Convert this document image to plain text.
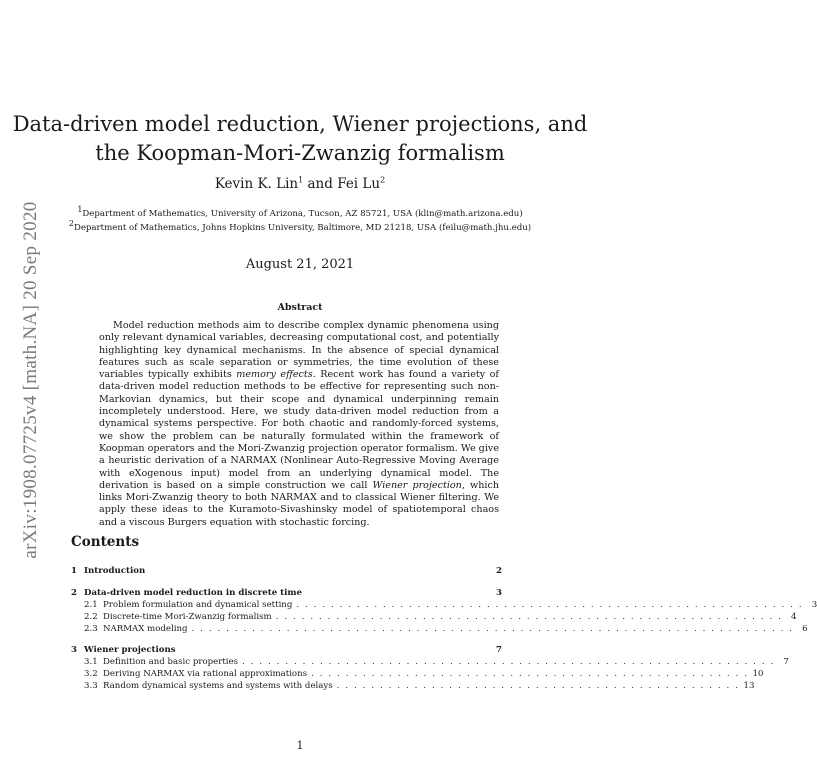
arXiv:1908.07725v4 [math.NA] 20 Sep 2020
Data-driven model reduction, Wiener projections, and
the Koopman-Mori-Zwanzig formalism
Kevin K. Lin$^1$ and Fei Lu$^2$
$^1$Department of Mathematics, University of Arizona, Tucson, AZ 85721, USA (klin@math.arizona.edu)
$^2$Department of Mathematics, Johns Hopkins University, Baltimore, MD 21218, USA (feilu@math.jhu.edu)
August 21, 2021
Abstract

Model reduction methods aim to describe complex dynamic phenomena using only relevant dynamical variables, decreasing computational cost, and potentially highlighting key dynamical mechanisms. In the absence of special dynamical features such as scale separation or symmetries, the time evolution of these variables typically exhibits memory effects. Recent work has found a variety of data-driven model reduction methods to be effective for representing such non-Markovian dynamics, but their scope and dynamical underpinning remain incompletely understood. Here, we study data-driven model reduction from a dynamical systems perspective. For both chaotic and randomly-forced systems, we show the problem can be naturally formulated within the framework of Koopman operators and the Mori-Zwanzig projection operator formalism. We give a heuristic derivation of a NARMAX (Nonlinear Auto-Regressive Moving Average with eXogenous input) model from an underlying dynamical model. The derivation is based on a simple construction we call Wiener projection, which links Mori-Zwanzig theory to both NARMAX and to classical Wiener filtering. We apply these ideas to the Kuramoto-Sivashinsky model of spatiotemporal chaos and a viscous Burgers equation with stochastic forcing.

Contents
1 Introduction	2
2 Data-driven model reduction in discrete time	3
2.1 Problem formulation and dynamical setting . . . . . . . . . . . . . . . . . . . . . . . . . . . . . . . . . . . . . . . . . . . . . . . . . . . . . . . . . . . 3
2.2 Discrete-time Mori-Zwanzig formalism . . . . . . . . . . . . . . . . . . . . . . . . . . . . . . . . . . . . . . . . . . . . . . . . . . . . . . . . . . . 4
2.3 NARMAX modeling . . . . . . . . . . . . . . . . . . . . . . . . . . . . . . . . . . . . . . . . . . . . . . . . . . . . . . . . . . . . . . . . . . . . . . 6
3 Wiener projections	7
3.1 Definition and basic properties . . . . . . . . . . . . . . . . . . . . . . . . . . . . . . . . . . . . . . . . . . . . . . . . . . . . . . . . . . . . . . 7
3.2 Deriving NARMAX via rational approximations . . . . . . . . . . . . . . . . . . . . . . . . . . . . . . . . . . . . . . . . . . . . . . . . . . . 10
3.3 Random dynamical systems and systems with delays . . . . . . . . . . . . . . . . . . . . . . . . . . . . . . . . . . . . . . . . . . . . . . . 13
1
